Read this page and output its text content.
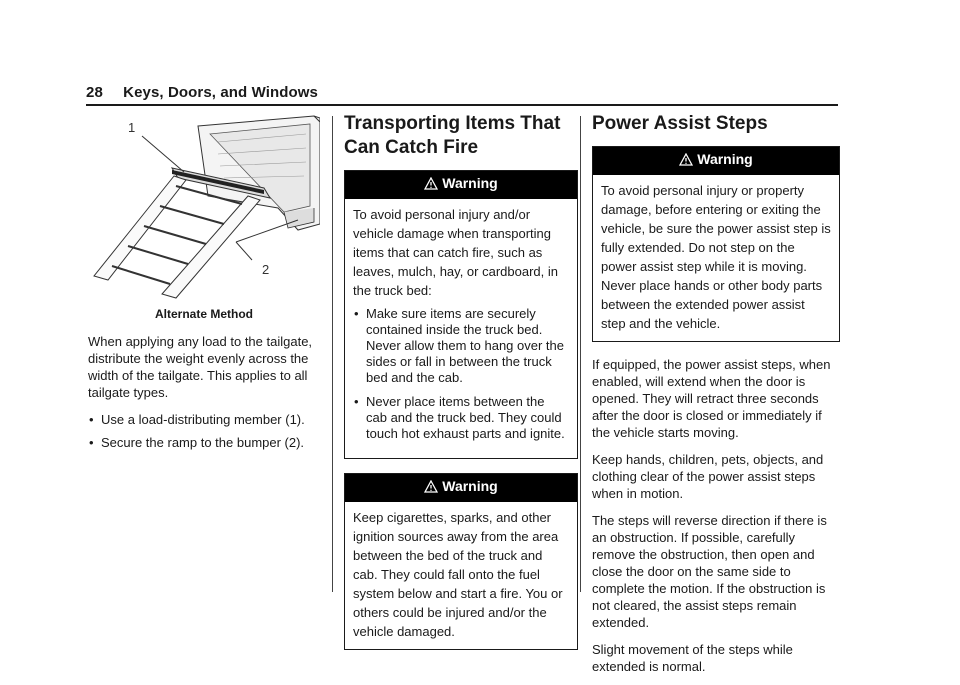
28 Keys, Doors, and Windows
1
2
Alternate Method

When applying any load to the tailgate, distribute the weight evenly across the width of the tailgate. This applies to all tailgate types.

• Use a load-distributing member (1).
• Secure the ramp to the bumper (2).
Transporting Items That Can Catch Fire
Warning
To avoid personal injury and/or vehicle damage when transporting items that can catch fire, such as leaves, mulch, hay, or cardboard, in the truck bed:
• Make sure items are securely contained inside the truck bed. Never allow them to hang over the sides or fall in between the truck bed and the cab.
• Never place items between the cab and the truck bed. They could touch hot exhaust parts and ignite.
Warning
Keep cigarettes, sparks, and other ignition sources away from the area between the bed of the truck and cab. They could fall onto the fuel system below and start a fire. You or others could be injured and/or the vehicle damaged.
Power Assist Steps
Warning
To avoid personal injury or property damage, before entering or exiting the vehicle, be sure the power assist step is fully extended. Do not step on the power assist step while it is moving. Never place hands or other body parts between the extended power assist step and the vehicle.

If equipped, the power assist steps, when enabled, will extend when the door is opened. They will retract three seconds after the door is closed or immediately if the vehicle starts moving.

Keep hands, children, pets, objects, and clothing clear of the power assist steps when in motion.

The steps will reverse direction if there is an obstruction. If possible, carefully remove the obstruction, then open and close the door on the same side to complete the motion. If the obstruction is not cleared, the assist steps remain extended.

Slight movement of the steps while extended is normal.
